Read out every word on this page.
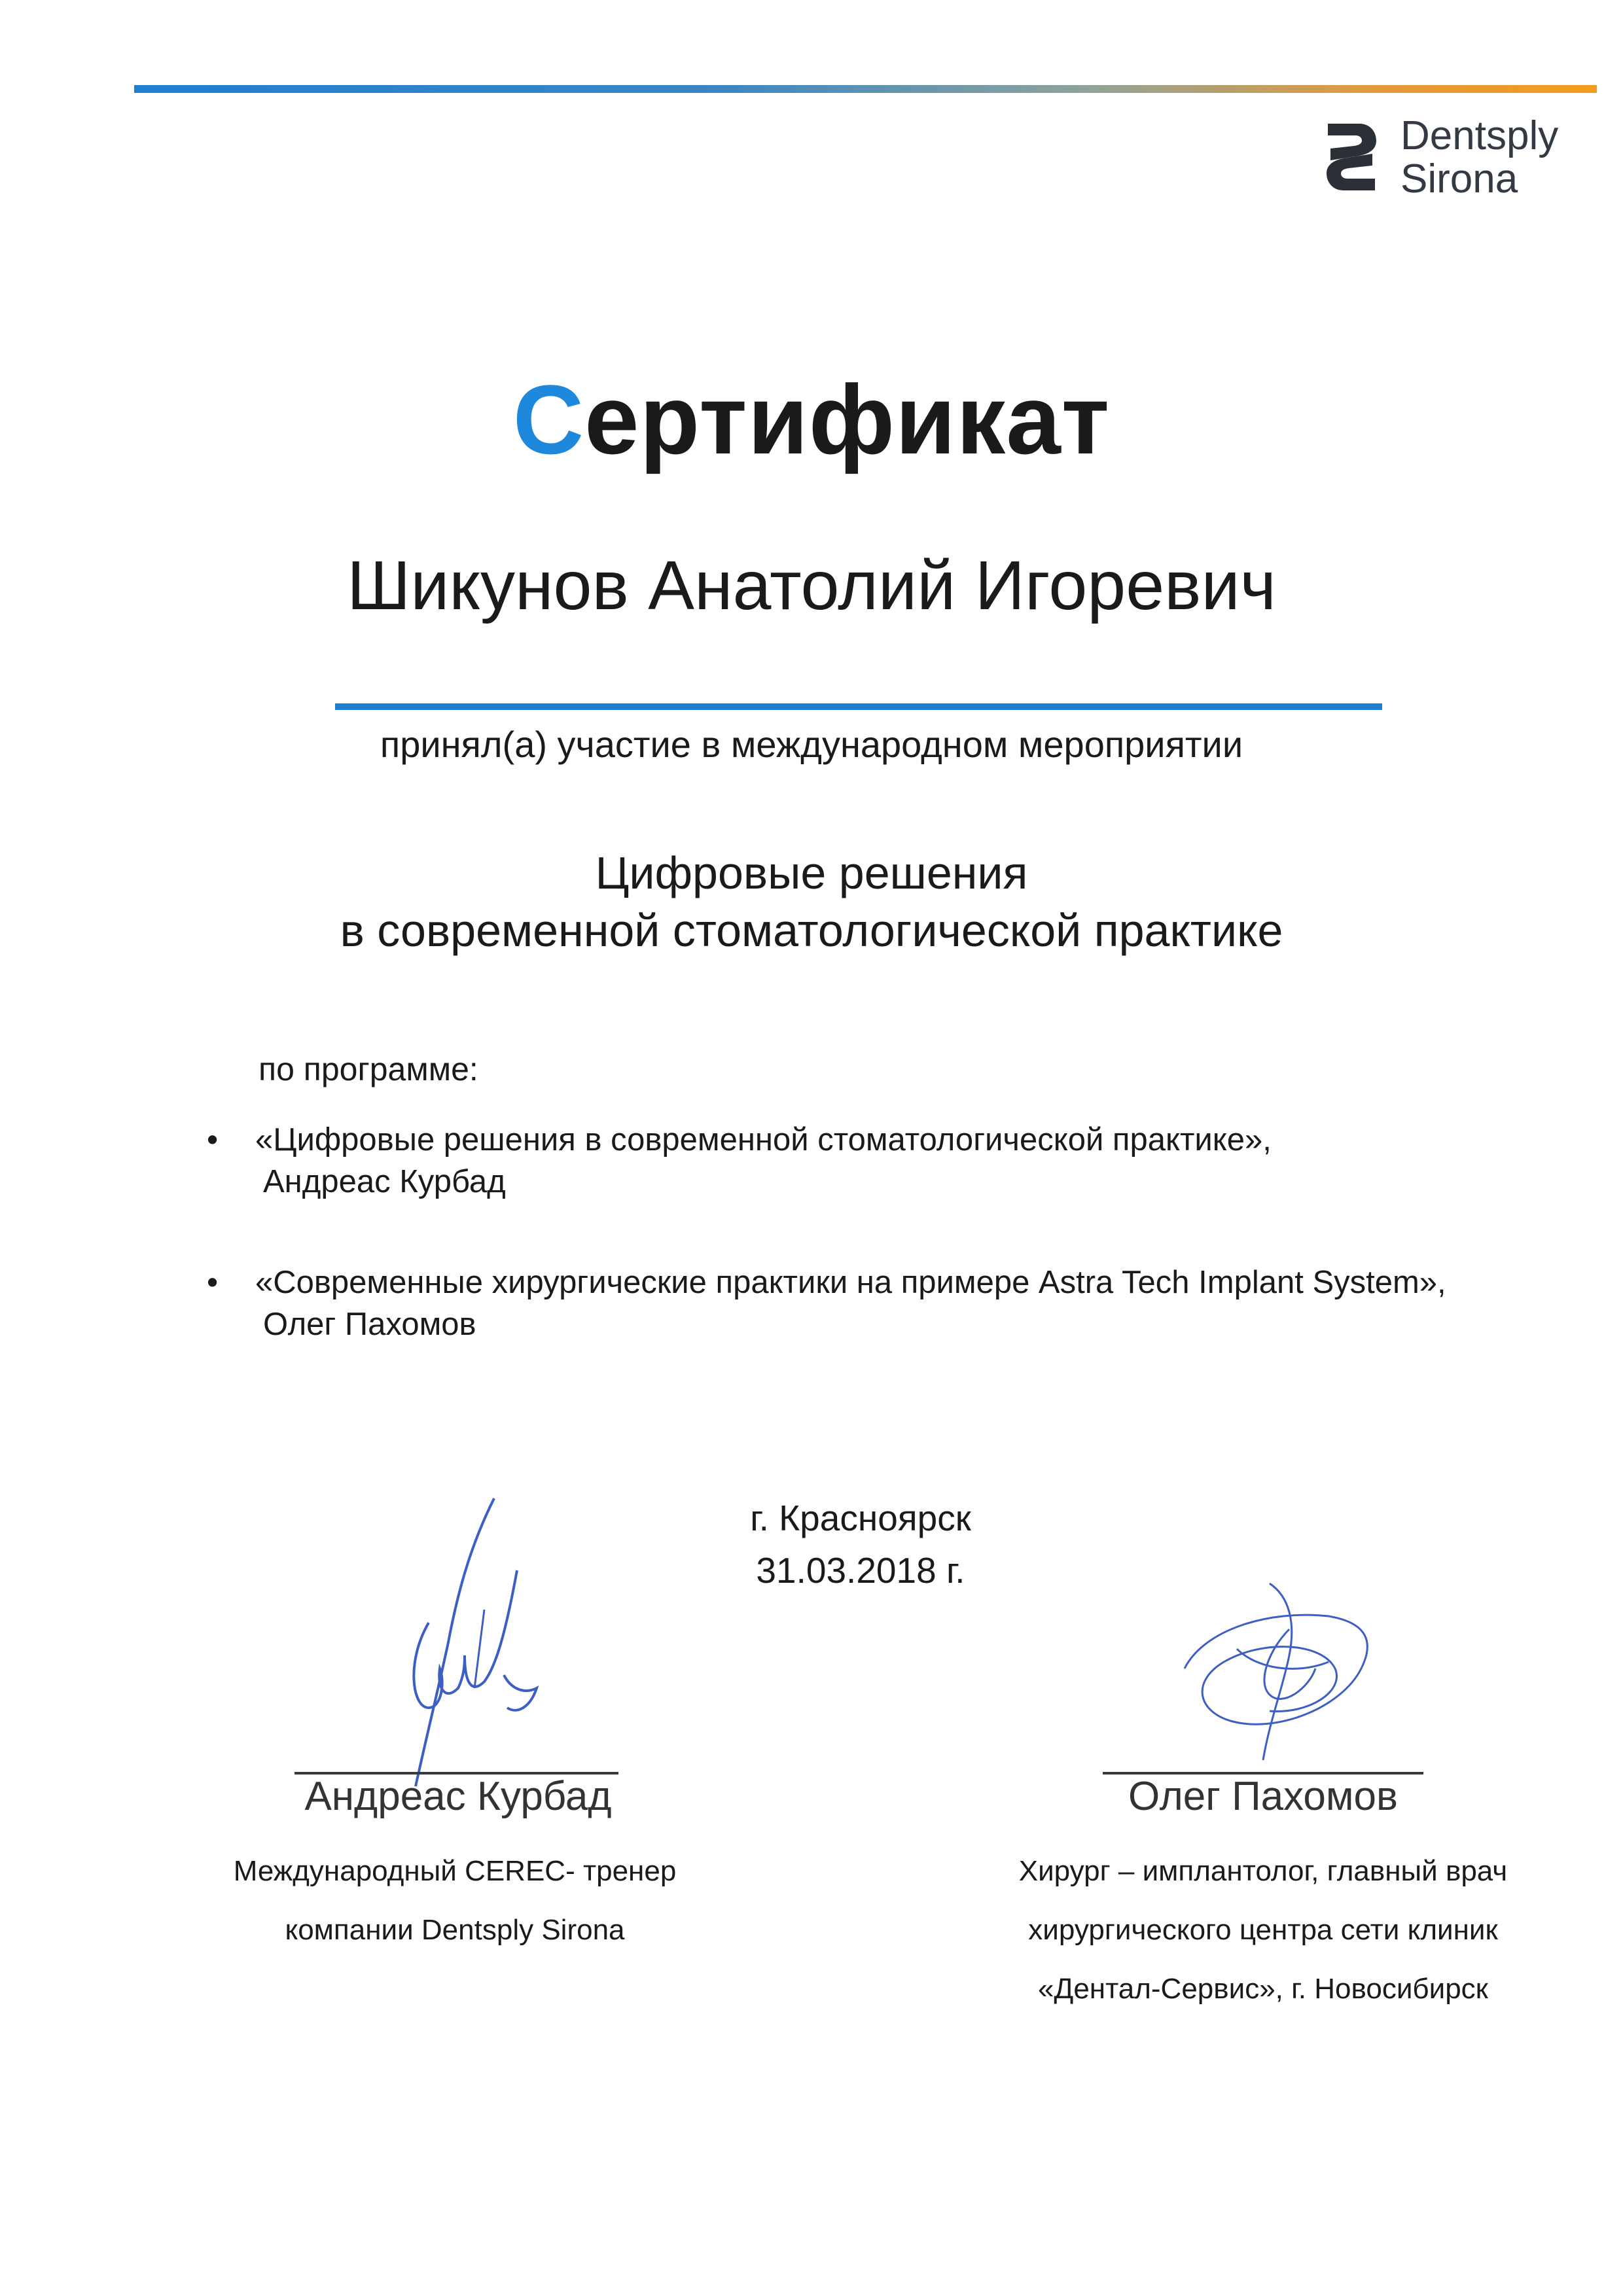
Dentsply
Sirona
Сертификат
Шикунов Анатолий Игоревич
принял(а) участие в международном мероприятии
Цифровые решения
в современной стоматологической практике
по программе:
• «Цифровые решения в современной стоматологической практике»,
Андреас Курбад
• «Современные хирургические практики на примере Astra Tech Implant System»,
Олег Пахомов
г. Красноярск
31.03.2018 г.
Андреас Курбад	Олег Пахомов
Международный CEREC- тренер
компании Dentsply Sirona
Хирург – имплантолог, главный врач
хирургического центра сети клиник
«Дентал-Сервис», г. Новосибирск
